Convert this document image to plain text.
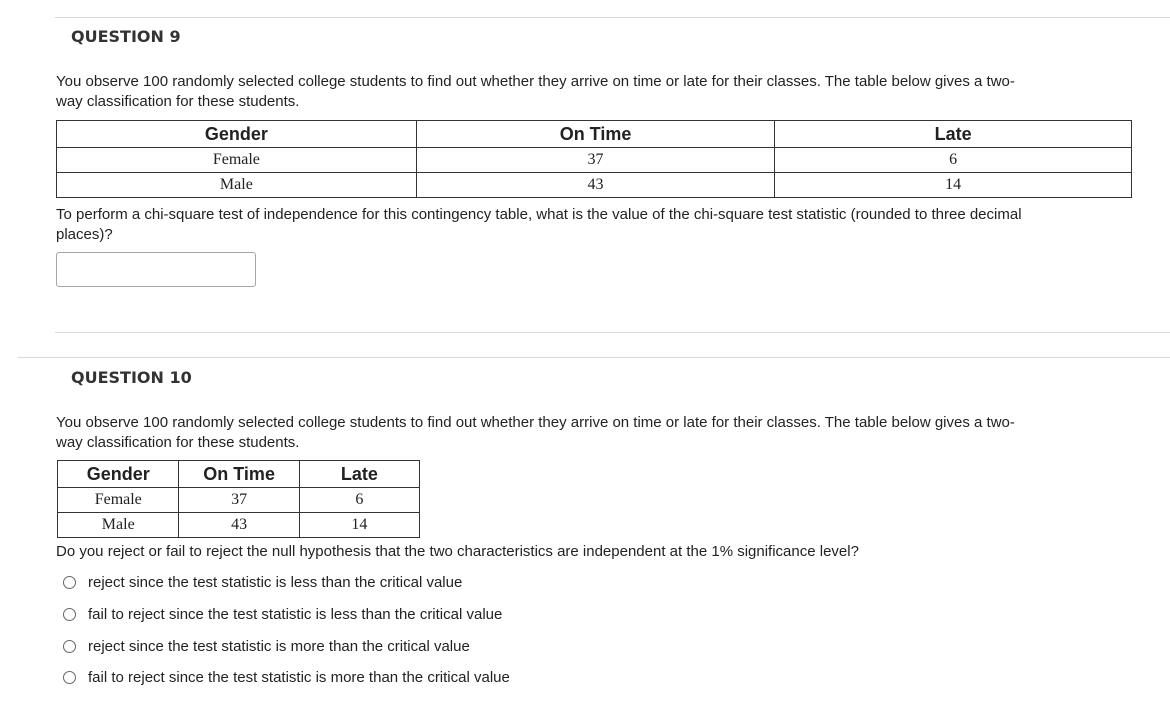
QUESTION 9
You observe 100 randomly selected college students to find out whether they arrive on time or late for their classes. The table below gives a two-
way classification for these students.
Gender	On Time	Late
Female	37	6
Male	43	14
To perform a chi-square test of independence for this contingency table, what is the value of the chi-square test statistic (rounded to three decimal
places)?
QUESTION 10
You observe 100 randomly selected college students to find out whether they arrive on time or late for their classes. The table below gives a two-
way classification for these students.
Gender	On Time	Late
Female	37	6
Male	43	14
Do you reject or fail to reject the null hypothesis that the two characteristics are independent at the 1% significance level?
reject since the test statistic is less than the critical value
fail to reject since the test statistic is less than the critical value
reject since the test statistic is more than the critical value
fail to reject since the test statistic is more than the critical value
